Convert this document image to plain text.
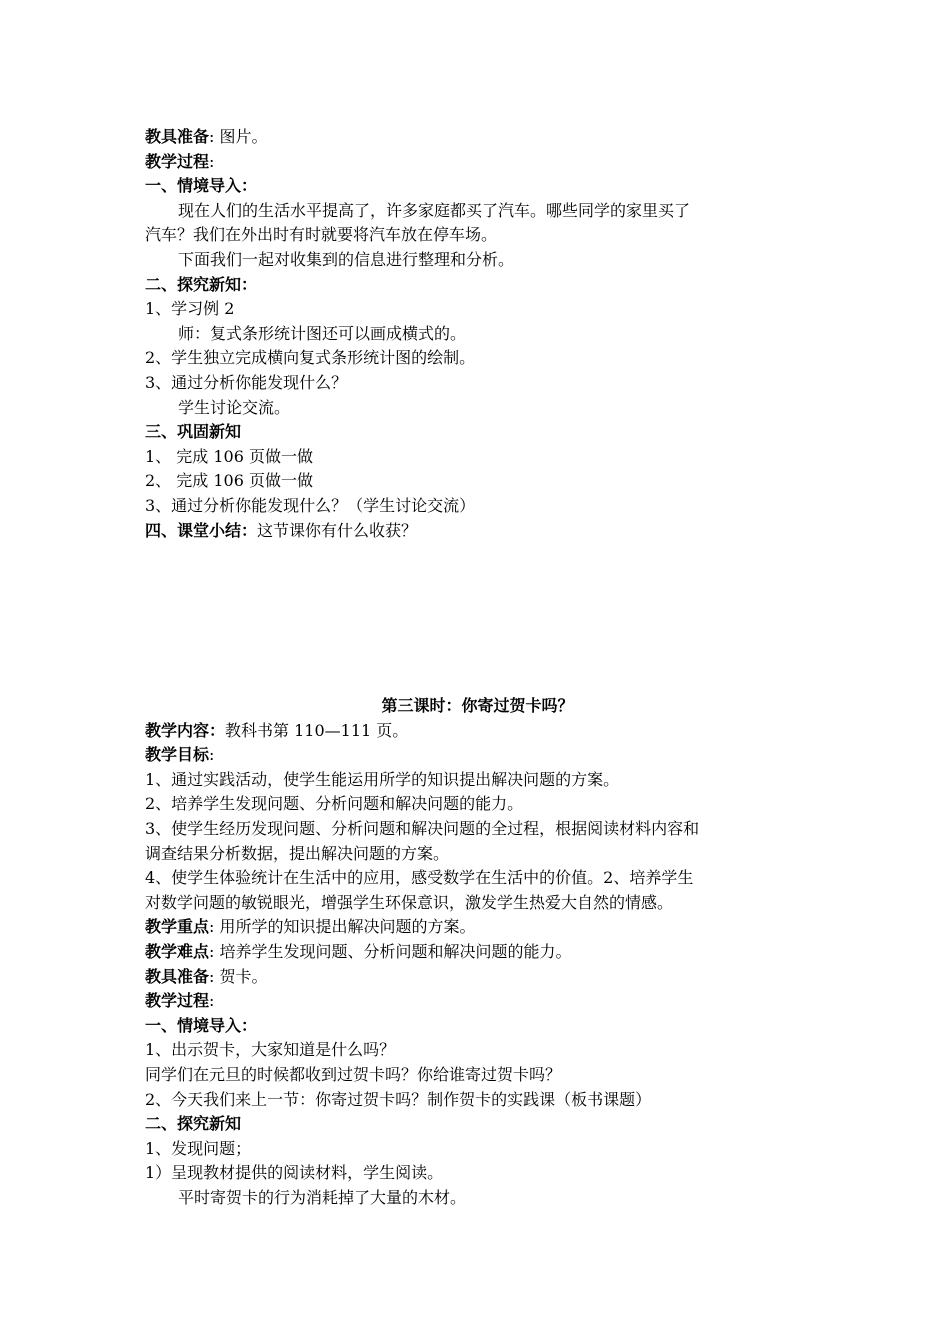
教具准备: 图片。
教学过程:
一、情境导入：
现在人们的生活水平提高了，许多家庭都买了汽车。哪些同学的家里买了
汽车？我们在外出时有时就要将汽车放在停车场。
下面我们一起对收集到的信息进行整理和分析。
二、探究新知：
1、学习例 2
师：复式条形统计图还可以画成横式的。
2、学生独立完成横向复式条形统计图的绘制。
3、通过分析你能发现什么？
学生讨论交流。
三、巩固新知
1、 完成 106 页做一做
2、 完成 106 页做一做
3、通过分析你能发现什么？（学生讨论交流）
四、课堂小结：这节课你有什么收获？
第三课时：你寄过贺卡吗？
教学内容：教科书第 110—111 页。
教学目标:
1、通过实践活动，使学生能运用所学的知识提出解决问题的方案。
2、培养学生发现问题、分析问题和解决问题的能力。
3、使学生经历发现问题、分析问题和解决问题的全过程，根据阅读材料内容和
调查结果分析数据，提出解决问题的方案。
4、使学生体验统计在生活中的应用，感受数学在生活中的价值。2、培养学生
对数学问题的敏锐眼光，增强学生环保意识，激发学生热爱大自然的情感。
教学重点: 用所学的知识提出解决问题的方案。
教学难点: 培养学生发现问题、分析问题和解决问题的能力。
教具准备: 贺卡。
教学过程:
一、情境导入：
1、出示贺卡，大家知道是什么吗？
同学们在元旦的时候都收到过贺卡吗？你给谁寄过贺卡吗？
2、今天我们来上一节：你寄过贺卡吗？制作贺卡的实践课（板书课题）
二、探究新知
1、发现问题；
1）呈现教材提供的阅读材料，学生阅读。
平时寄贺卡的行为消耗掉了大量的木材。
